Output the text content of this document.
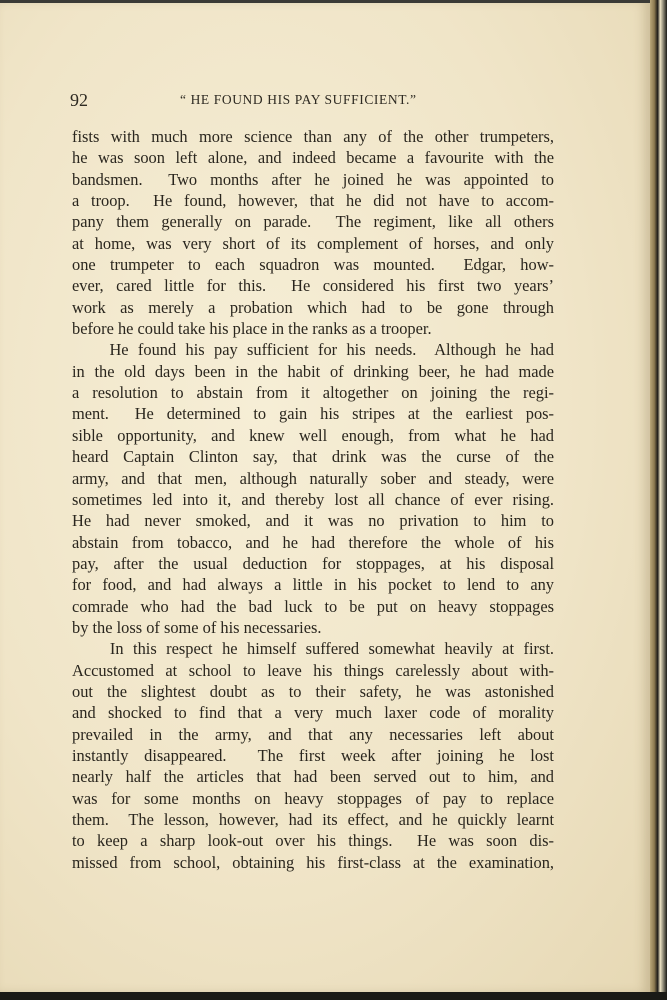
92	“ HE FOUND HIS PAY SUFFICIENT.”
fists with much more science than any of the other trumpeters,
he was soon left alone, and indeed became a favourite with the
bandsmen.  Two months after he joined he was appointed to
a troop.  He found, however, that he did not have to accom-
pany them generally on parade.  The regiment, like all others
at home, was very short of its complement of horses, and only
one trumpeter to each squadron was mounted.  Edgar, how-
ever, cared little for this.  He considered his first two years’
work as merely a probation which had to be gone through
before he could take his place in the ranks as a trooper.
He found his pay sufficient for his needs.  Although he had
in the old days been in the habit of drinking beer, he had made
a resolution to abstain from it altogether on joining the regi-
ment.  He determined to gain his stripes at the earliest pos-
sible opportunity, and knew well enough, from what he had
heard Captain Clinton say, that drink was the curse of the
army, and that men, although naturally sober and steady, were
sometimes led into it, and thereby lost all chance of ever rising.
He had never smoked, and it was no privation to him to
abstain from tobacco, and he had therefore the whole of his
pay, after the usual deduction for stoppages, at his disposal
for food, and had always a little in his pocket to lend to any
comrade who had the bad luck to be put on heavy stoppages
by the loss of some of his necessaries.
In this respect he himself suffered somewhat heavily at first.
Accustomed at school to leave his things carelessly about with-
out the slightest doubt as to their safety, he was astonished
and shocked to find that a very much laxer code of morality
prevailed in the army, and that any necessaries left about
instantly disappeared.  The first week after joining he lost
nearly half the articles that had been served out to him, and
was for some months on heavy stoppages of pay to replace
them.  The lesson, however, had its effect, and he quickly learnt
to keep a sharp look-out over his things.  He was soon dis-
missed from school, obtaining his first-class at the examination,
